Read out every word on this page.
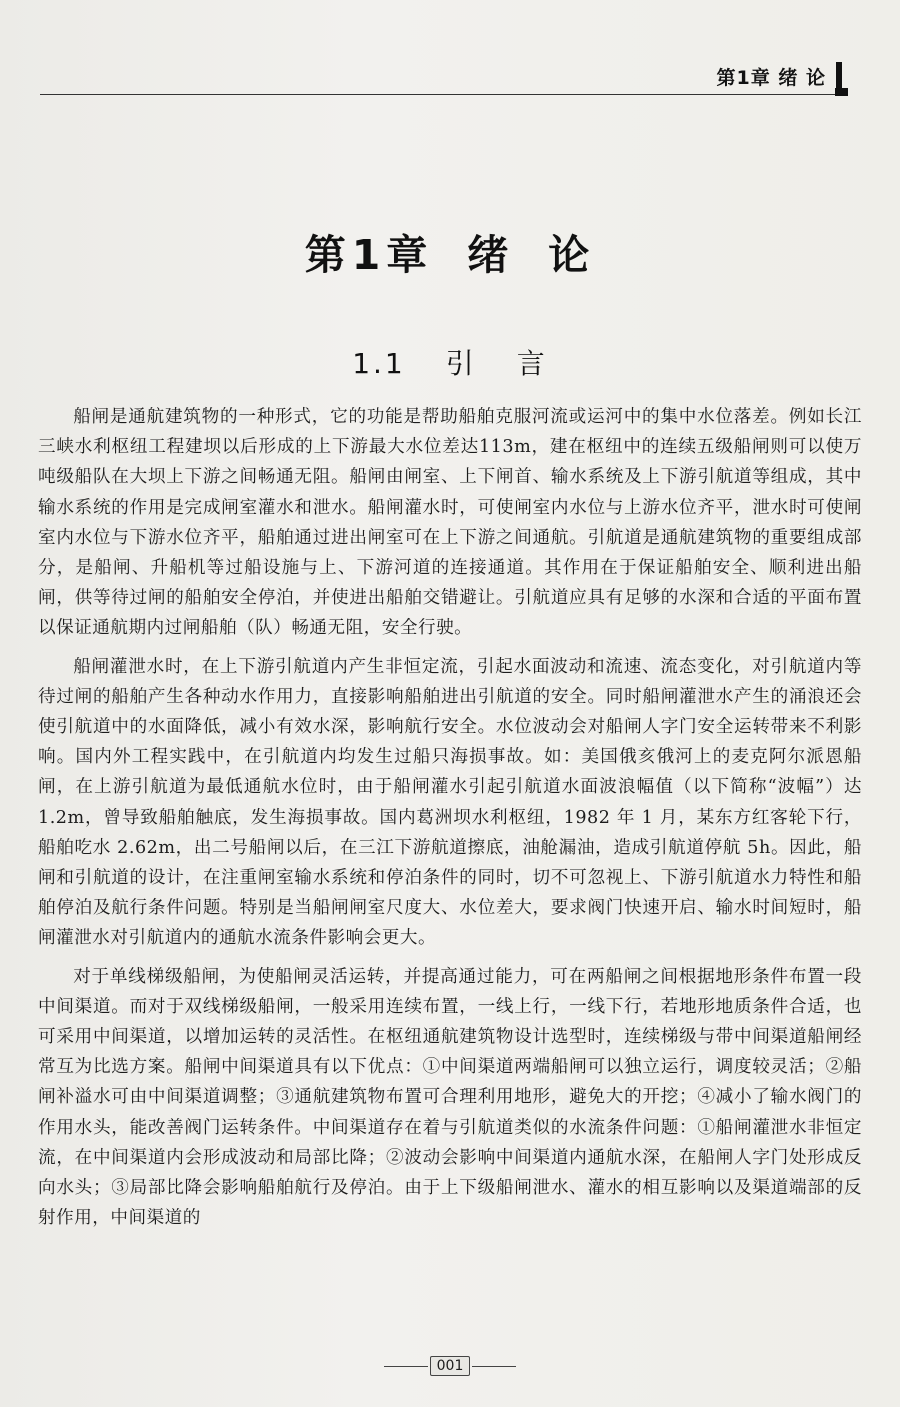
第1章 绪 论
第1章 绪 论
1.1 引 言

船闸是通航建筑物的一种形式，它的功能是帮助船舶克服河流或运河中的集中水位落差。例如长江三峡水利枢纽工程建坝以后形成的上下游最大水位差达113m，建在枢纽中的连续五级船闸则可以使万吨级船队在大坝上下游之间畅通无阻。船闸由闸室、上下闸首、输水系统及上下游引航道等组成，其中输水系统的作用是完成闸室灌水和泄水。船闸灌水时，可使闸室内水位与上游水位齐平，泄水时可使闸室内水位与下游水位齐平，船舶通过进出闸室可在上下游之间通航。引航道是通航建筑物的重要组成部分，是船闸、升船机等过船设施与上、下游河道的连接通道。其作用在于保证船舶安全、顺利进出船闸，供等待过闸的船舶安全停泊，并使进出船舶交错避让。引航道应具有足够的水深和合适的平面布置以保证通航期内过闸船舶（队）畅通无阻，安全行驶。

船闸灌泄水时，在上下游引航道内产生非恒定流，引起水面波动和流速、流态变化，对引航道内等待过闸的船舶产生各种动水作用力，直接影响船舶进出引航道的安全。同时船闸灌泄水产生的涌浪还会使引航道中的水面降低，减小有效水深，影响航行安全。水位波动会对船闸人字门安全运转带来不利影响。国内外工程实践中，在引航道内均发生过船只海损事故。如：美国俄亥俄河上的麦克阿尔派恩船闸，在上游引航道为最低通航水位时，由于船闸灌水引起引航道水面波浪幅值（以下简称“波幅”）达 1.2m，曾导致船舶触底，发生海损事故。国内葛洲坝水利枢纽，1982 年 1 月，某东方红客轮下行，船舶吃水 2.62m，出二号船闸以后，在三江下游航道擦底，油舱漏油，造成引航道停航 5h。因此，船闸和引航道的设计，在注重闸室输水系统和停泊条件的同时，切不可忽视上、下游引航道水力特性和船舶停泊及航行条件问题。特别是当船闸闸室尺度大、水位差大，要求阀门快速开启、输水时间短时，船闸灌泄水对引航道内的通航水流条件影响会更大。

对于单线梯级船闸，为使船闸灵活运转，并提高通过能力，可在两船闸之间根据地形条件布置一段中间渠道。而对于双线梯级船闸，一般采用连续布置，一线上行，一线下行，若地形地质条件合适，也可采用中间渠道，以增加运转的灵活性。在枢纽通航建筑物设计选型时，连续梯级与带中间渠道船闸经常互为比选方案。船闸中间渠道具有以下优点：①中间渠道两端船闸可以独立运行，调度较灵活；②船闸补溢水可由中间渠道调整；③通航建筑物布置可合理利用地形，避免大的开挖；④减小了输水阀门的作用水头，能改善阀门运转条件。中间渠道存在着与引航道类似的水流条件问题：①船闸灌泄水非恒定流，在中间渠道内会形成波动和局部比降；②波动会影响中间渠道内通航水深，在船闸人字门处形成反向水头；③局部比降会影响船舶航行及停泊。由于上下级船闸泄水、灌水的相互影响以及渠道端部的反射作用，中间渠道的

001
